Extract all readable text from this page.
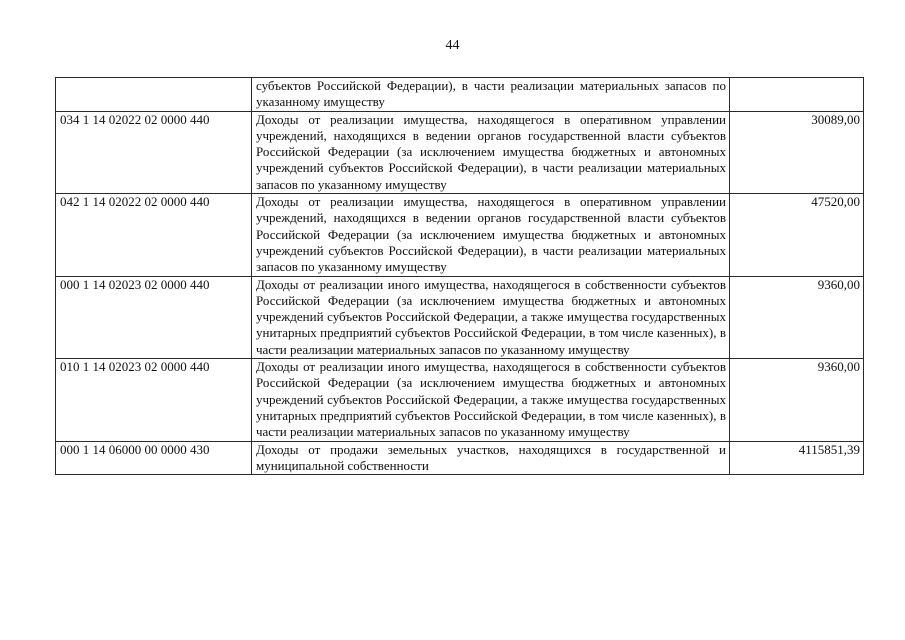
44
	субъектов Российской Федерации), в части реализации материальных запасов по указанному имуществу	
034 1 14 02022 02 0000 440	Доходы от реализации имущества, находящегося в оперативном управлении учреждений, находящихся в ведении органов государственной власти субъектов Российской Федерации (за исключением имущества бюджетных и автономных учреждений субъектов Российской Федерации), в части реализации материальных запасов по указанному имуществу	30089,00
042 1 14 02022 02 0000 440	Доходы от реализации имущества, находящегося в оперативном управлении учреждений, находящихся в ведении органов государственной власти субъектов Российской Федерации (за исключением имущества бюджетных и автономных учреждений субъектов Российской Федерации), в части реализации материальных запасов по указанному имуществу	47520,00
000 1 14 02023 02 0000 440	Доходы от реализации иного имущества, находящегося в собственности субъектов Российской Федерации (за исключением имущества бюджетных и автономных учреждений субъектов Российской Федерации, а также имущества государственных унитарных предприятий субъектов Российской Федерации, в том числе казенных), в части реализации материальных запасов по указанному имуществу	9360,00
010 1 14 02023 02 0000 440	Доходы от реализации иного имущества, находящегося в собственности субъектов Российской Федерации (за исключением имущества бюджетных и автономных учреждений субъектов Российской Федерации, а также имущества государственных унитарных предприятий субъектов Российской Федерации, в том числе казенных), в части реализации материальных запасов по указанному имуществу	9360,00
000 1 14 06000 00 0000 430	Доходы от продажи земельных участков, находящихся в государственной и муниципальной собственности	4115851,39
